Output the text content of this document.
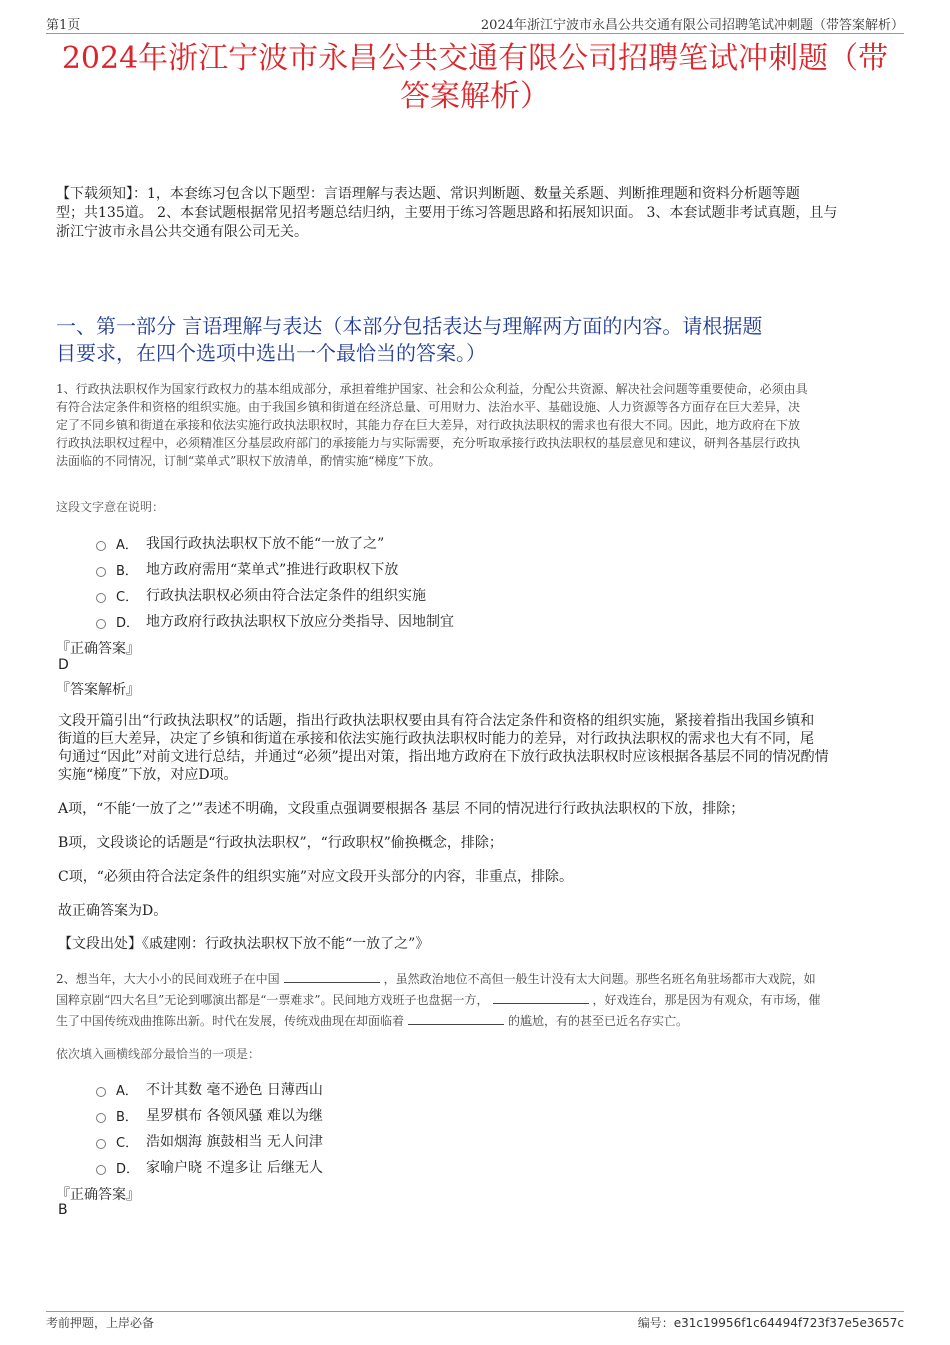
第1页	2024年浙江宁波市永昌公共交通有限公司招聘笔试冲刺题（带答案解析）
2024年浙江宁波市永昌公共交通有限公司招聘笔试冲刺题（带
答案解析）
【下载须知】：1，本套练习包含以下题型：言语理解与表达题、常识判断题、数量关系题、判断推理题和资料分析题等题
型；共135道。 2、本套试题根据常见招考题总结归纳，主要用于练习答题思路和拓展知识面。 3、本套试题非考试真题，且与
浙江宁波市永昌公共交通有限公司无关。
一、第一部分 言语理解与表达（本部分包括表达与理解两方面的内容。请根据题
目要求，在四个选项中选出一个最恰当的答案。）
1、行政执法职权作为国家行政权力的基本组成部分，承担着维护国家、社会和公众利益，分配公共资源、解决社会问题等重要使命，必须由具
有符合法定条件和资格的组织实施。由于我国乡镇和街道在经济总量、可用财力、法治水平、基础设施、人力资源等各方面存在巨大差异，决
定了不同乡镇和街道在承接和依法实施行政执法职权时，其能力存在巨大差异，对行政执法职权的需求也有很大不同。因此，地方政府在下放
行政执法职权过程中，必须精准区分基层政府部门的承接能力与实际需要，充分听取承接行政执法职权的基层意见和建议，研判各基层行政执
法面临的不同情况，订制“菜单式”职权下放清单，酌情实施“梯度”下放。
这段文字意在说明：
A． 我国行政执法职权下放不能“一放了之”
B． 地方政府需用“菜单式”推进行政职权下放
C． 行政执法职权必须由符合法定条件的组织实施
D． 地方政府行政执法职权下放应分类指导、因地制宜
『正确答案』
D
『答案解析』
文段开篇引出“行政执法职权”的话题，指出行政执法职权要由具有符合法定条件和资格的组织实施，紧接着指出我国乡镇和
街道的巨大差异，决定了乡镇和街道在承接和依法实施行政执法职权时能力的差异，对行政执法职权的需求也大有不同，尾
句通过“因此”对前文进行总结，并通过“必须”提出对策，指出地方政府在下放行政执法职权时应该根据各基层不同的情况酌情
实施“梯度”下放，对应D项。
A项，“不能‘一放了之’”表述不明确，文段重点强调要根据各 基层 不同的情况进行行政执法职权的下放，排除；
B项，文段谈论的话题是“行政执法职权”，“行政职权”偷换概念，排除；
C项，“必须由符合法定条件的组织实施”对应文段开头部分的内容，非重点，排除。
故正确答案为D。
【文段出处】《戚建刚：行政执法职权下放不能“一放了之”》
2、想当年，大大小小的民间戏班子在中国	，虽然政治地位不高但一般生计没有太大问题。那些名班名角驻场都市大戏院，如
国粹京剧“四大名旦”无论到哪演出都是“一票难求”。民间地方戏班子也盘据一方，	，好戏连台，那是因为有观众，有市场，催
生了中国传统戏曲推陈出新。时代在发展，传统戏曲现在却面临着	的尴尬，有的甚至已近名存实亡。
依次填入画横线部分最恰当的一项是：
A． 不计其数 毫不逊色 日薄西山
B． 星罗棋布 各领风骚 难以为继
C． 浩如烟海 旗鼓相当 无人问津
D． 家喻户晓 不遑多让 后继无人
『正确答案』
B
考前押题，上岸必备	编号：e31c19956f1c64494f723f37e5e3657c
